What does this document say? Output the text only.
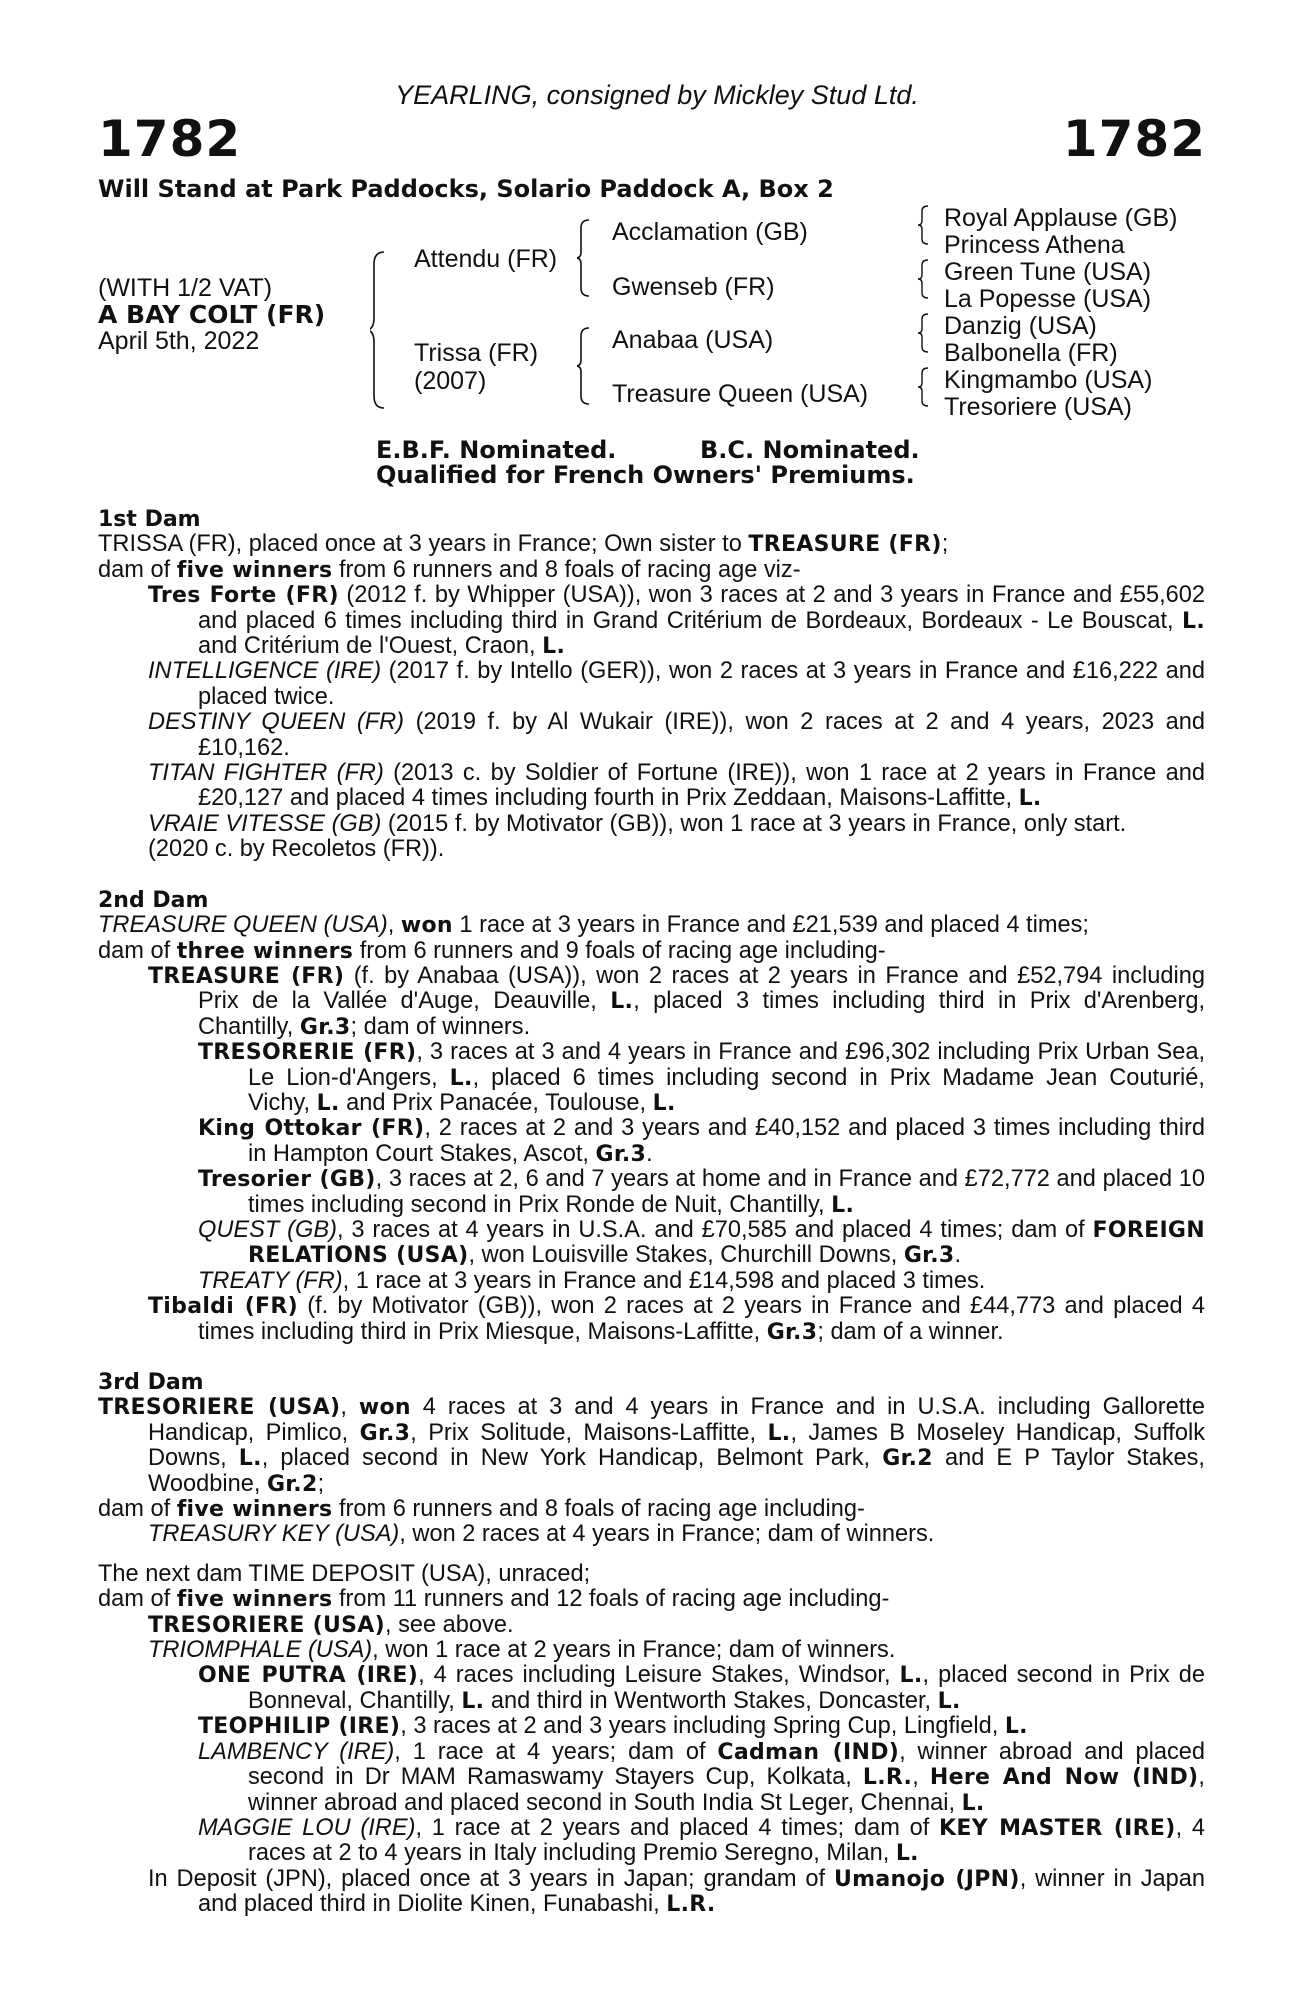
YEARLING, consigned by Mickley Stud Ltd.
1782	1782
Will Stand at Park Paddocks, Solario Paddock A, Box 2
(WITH 1/2 VAT)
A BAY COLT (FR)
April 5th, 2022
Attendu (FR)
Trissa (FR)
(2007)
Acclamation (GB)
Gwenseb (FR)
Anabaa (USA)
Treasure Queen (USA)
Royal Applause (GB)
Princess Athena
Green Tune (USA)
La Popesse (USA)
Danzig (USA)
Balbonella (FR)
Kingmambo (USA)
Tresoriere (USA)
E.B.F. Nominated.	B.C. Nominated.
Qualified for French Owners' Premiums.
1st Dam
TRISSA (FR), placed once at 3 years in France; Own sister to TREASURE (FR);
dam of five winners from 6 runners and 8 foals of racing age viz-
Tres Forte (FR) (2012 f. by Whipper (USA)), won 3 races at 2 and 3 years in France and £55,602 and placed 6 times including third in Grand Critérium de Bordeaux, Bordeaux - Le Bouscat, L. and Critérium de l'Ouest, Craon, L.
INTELLIGENCE (IRE) (2017 f. by Intello (GER)), won 2 races at 3 years in France and £16,222 and placed twice.
DESTINY QUEEN (FR) (2019 f. by Al Wukair (IRE)), won 2 races at 2 and 4 years, 2023 and £10,162.
TITAN FIGHTER (FR) (2013 c. by Soldier of Fortune (IRE)), won 1 race at 2 years in France and £20,127 and placed 4 times including fourth in Prix Zeddaan, Maisons-Laffitte, L.
VRAIE VITESSE (GB) (2015 f. by Motivator (GB)), won 1 race at 3 years in France, only start.
(2020 c. by Recoletos (FR)).
2nd Dam
TREASURE QUEEN (USA), won 1 race at 3 years in France and £21,539 and placed 4 times;
dam of three winners from 6 runners and 9 foals of racing age including-
TREASURE (FR) (f. by Anabaa (USA)), won 2 races at 2 years in France and £52,794 including Prix de la Vallée d'Auge, Deauville, L., placed 3 times including third in Prix d'Arenberg, Chantilly, Gr.3; dam of winners.
TRESORERIE (FR), 3 races at 3 and 4 years in France and £96,302 including Prix Urban Sea, Le Lion-d'Angers, L., placed 6 times including second in Prix Madame Jean Couturié, Vichy, L. and Prix Panacée, Toulouse, L.
King Ottokar (FR), 2 races at 2 and 3 years and £40,152 and placed 3 times including third in Hampton Court Stakes, Ascot, Gr.3.
Tresorier (GB), 3 races at 2, 6 and 7 years at home and in France and £72,772 and placed 10 times including second in Prix Ronde de Nuit, Chantilly, L.
QUEST (GB), 3 races at 4 years in U.S.A. and £70,585 and placed 4 times; dam of FOREIGN RELATIONS (USA), won Louisville Stakes, Churchill Downs, Gr.3.
TREATY (FR), 1 race at 3 years in France and £14,598 and placed 3 times.
Tibaldi (FR) (f. by Motivator (GB)), won 2 races at 2 years in France and £44,773 and placed 4 times including third in Prix Miesque, Maisons-Laffitte, Gr.3; dam of a winner.
3rd Dam
TRESORIERE (USA), won 4 races at 3 and 4 years in France and in U.S.A. including Gallorette Handicap, Pimlico, Gr.3, Prix Solitude, Maisons-Laffitte, L., James B Moseley Handicap, Suffolk Downs, L., placed second in New York Handicap, Belmont Park, Gr.2 and E P Taylor Stakes, Woodbine, Gr.2;
dam of five winners from 6 runners and 8 foals of racing age including-
TREASURY KEY (USA), won 2 races at 4 years in France; dam of winners.
The next dam TIME DEPOSIT (USA), unraced;
dam of five winners from 11 runners and 12 foals of racing age including-
TRESORIERE (USA), see above.
TRIOMPHALE (USA), won 1 race at 2 years in France; dam of winners.
ONE PUTRA (IRE), 4 races including Leisure Stakes, Windsor, L., placed second in Prix de Bonneval, Chantilly, L. and third in Wentworth Stakes, Doncaster, L.
TEOPHILIP (IRE), 3 races at 2 and 3 years including Spring Cup, Lingfield, L.
LAMBENCY (IRE), 1 race at 4 years; dam of Cadman (IND), winner abroad and placed second in Dr MAM Ramaswamy Stayers Cup, Kolkata, L.R., Here And Now (IND), winner abroad and placed second in South India St Leger, Chennai, L.
MAGGIE LOU (IRE), 1 race at 2 years and placed 4 times; dam of KEY MASTER (IRE), 4 races at 2 to 4 years in Italy including Premio Seregno, Milan, L.
In Deposit (JPN), placed once at 3 years in Japan; grandam of Umanojo (JPN), winner in Japan and placed third in Diolite Kinen, Funabashi, L.R.
